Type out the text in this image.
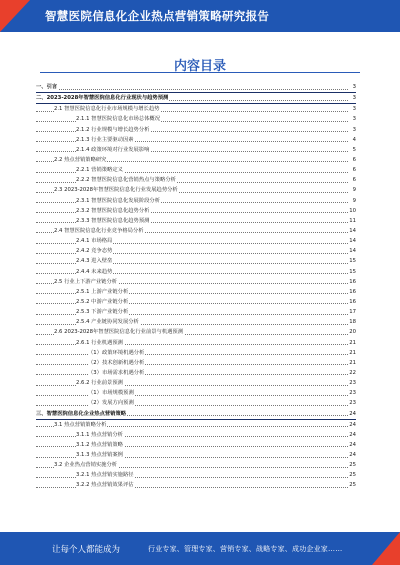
智慧医院信息化企业热点营销策略研究报告
内容目录
一、引言	3
二、2023-2028年智慧医院信息化行业现状与趋势预测	3
2.1 智慧医院信息化行业市场规模与增长趋势	3
2.1.1 智慧医院信息化市场总体概况	3
2.1.2 行业规模与增长趋势分析	3
2.1.3 行业主要驱动因素	4
2.1.4 政策环境对行业发展影响	5
2.2 热点营销策略研究	6
2.2.1 营销策略定义	6
2.2.2 智慧医院信息化营销热点与策略分析	6
2.3 2023-2028年智慧医院信息化行业发展趋势分析	9
2.3.1 智慧医院信息化发展阶段分析	9
2.3.2 智慧医院信息化趋势分析	10
2.3.3 智慧医院信息化趋势预测	11
2.4 智慧医院信息化行业竞争格局分析	14
2.4.1 市场格局	14
2.4.2 竞争态势	14
2.4.3 进入壁垒	15
2.4.4 未来趋势	15
2.5 行业上下游产业链分析	16
2.5.1 上游产业链分析	16
2.5.2 中游产业链分析	16
2.5.3 下游产业链分析	17
2.5.4 产业链协同发展分析	18
2.6 2023-2028年智慧医院信息化行业前景与机遇预测	20
2.6.1 行业机遇预测	21
（1）政策环境机遇分析	21
（2）技术创新机遇分析	21
（3）市场需求机遇分析	22
2.6.2 行业前景预测	23
（1）市场规模预测	23
（2）发展方向预测	23
三、智慧医院信息化企业热点营销策略	24
3.1 热点营销策略分析	24
3.1.1 热点营销分析	24
3.1.2 热点营销策略	24
3.1.3 热点营销案例	24
3.2 企业热点营销实施分析	25
3.2.1 热点营销实施路径	25
3.2.2 热点营销效果评估	25
让每个人都能成为	行业专家、管理专家、营销专家、战略专家、成功企业家……
